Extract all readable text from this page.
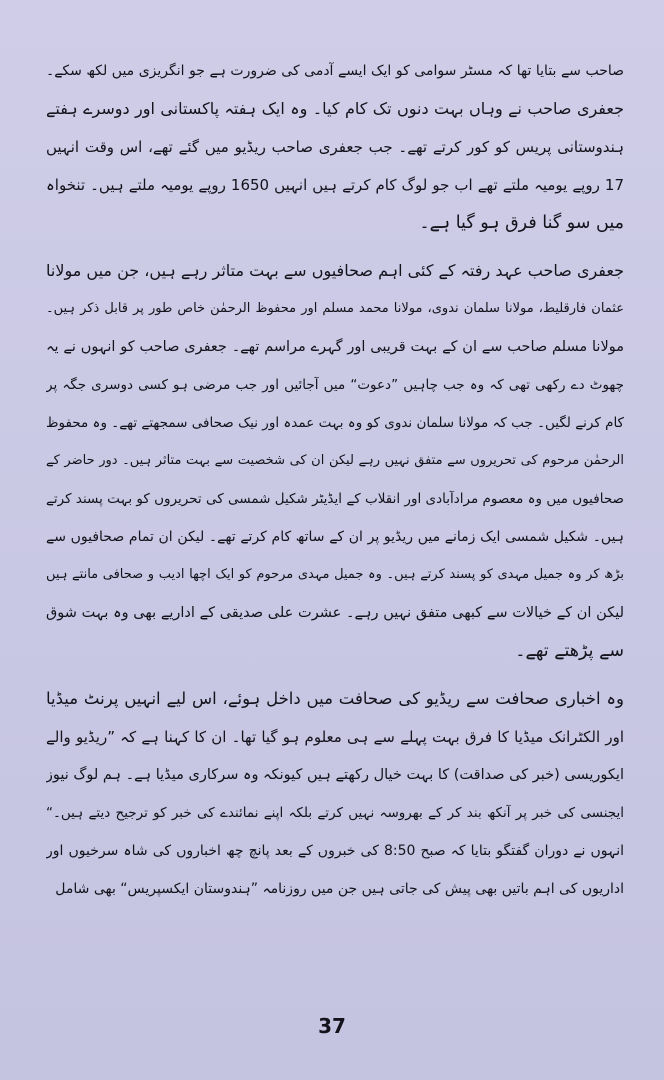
صاحب سے بتایا تھا کہ مسٹر سوامی کو ایک ایسے آدمی کی ضرورت ہے جو انگریزی میں لکھ سکے۔
جعفری صاحب نے وہاں بہت دنوں تک کام کیا۔ وہ ایک ہفتہ پاکستانی اور دوسرے ہفتے
ہندوستانی پریس کو کور کرتے تھے۔ جب جعفری صاحب ریڈیو میں گئے تھے، اس وقت انہیں
17 روپے یومیہ ملتے تھے اب جو لوگ کام کرتے ہیں انہیں 1650 روپے یومیہ ملتے ہیں۔ تنخواہ
میں سو گنا فرق ہو گیا ہے۔
جعفری صاحب عہد رفتہ کے کئی اہم صحافیوں سے بہت متاثر رہے ہیں، جن میں مولانا
عثمان فارقلیط، مولانا سلمان ندوی، مولانا محمد مسلم اور محفوظ الرحمٰن خاص طور پر قابل ذکر ہیں۔
مولانا مسلم صاحب سے ان کے بہت قریبی اور گہرے مراسم تھے۔ جعفری صاحب کو انہوں نے یہ
چھوٹ دے رکھی تھی کہ وہ جب چاہیں ”دعوت“ میں آجائیں اور جب مرضی ہو کسی دوسری جگہ پر
کام کرنے لگیں۔ جب کہ مولانا سلمان ندوی کو وہ بہت عمدہ اور نیک صحافی سمجھتے تھے۔ وہ محفوظ
الرحمٰن مرحوم کی تحریروں سے متفق نہیں رہے لیکن ان کی شخصیت سے بہت متاثر ہیں۔ دور حاضر کے
صحافیوں میں وہ معصوم مرادآبادی اور انقلاب کے ایڈیٹر شکیل شمسی کی تحریروں کو بہت پسند کرتے
ہیں۔ شکیل شمسی ایک زمانے میں ریڈیو پر ان کے ساتھ کام کرتے تھے۔ لیکن ان تمام صحافیوں سے
بڑھ کر وہ جمیل مہدی کو پسند کرتے ہیں۔ وہ جمیل مہدی مرحوم کو ایک اچھا ادیب و صحافی مانتے ہیں
لیکن ان کے خیالات سے کبھی متفق نہیں رہے۔ عشرت علی صدیقی کے اداریے بھی وہ بہت شوق
سے پڑھتے تھے۔
وہ اخباری صحافت سے ریڈیو کی صحافت میں داخل ہوئے، اس لیے انہیں پرنٹ میڈیا
اور الکٹرانک میڈیا کا فرق بہت پہلے سے ہی معلوم ہو گیا تھا۔ ان کا کہنا ہے کہ ”ریڈیو والے
ایکوریسی (خبر کی صداقت) کا بہت خیال رکھتے ہیں کیونکہ وہ سرکاری میڈیا ہے۔ ہم لوگ نیوز
ایجنسی کی خبر پر آنکھ بند کر کے بھروسہ نہیں کرتے بلکہ اپنے نمائندے کی خبر کو ترجیح دیتے ہیں۔“
انہوں نے دوران گفتگو بتایا کہ صبح 8:50 کی خبروں کے بعد پانچ چھ اخباروں کی شاہ سرخیوں اور
اداریوں کی اہم باتیں بھی پیش کی جاتی ہیں جن میں روزنامہ ”ہندوستان ایکسپریس“ بھی شامل
37
